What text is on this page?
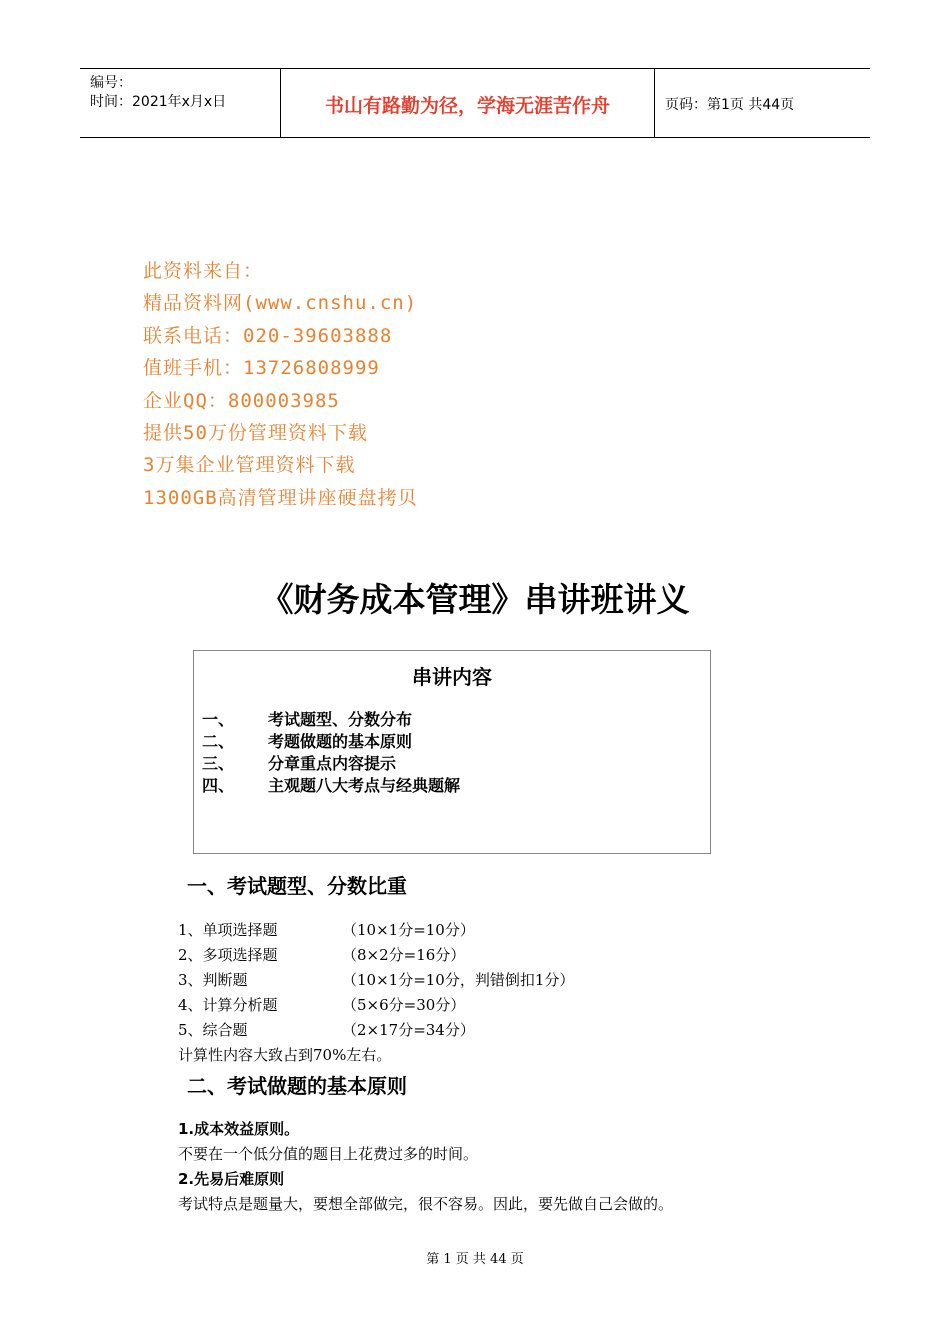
编号：
时间：2021年x月x日	书山有路勤为径，学海无涯苦作舟	页码：第1页 共44页
此资料来自：
精品资料网(www.cnshu.cn)
联系电话：020-39603888
值班手机：13726808999
企业QQ：800003985
提供50万份管理资料下载
3万集企业管理资料下载
1300GB高清管理讲座硬盘拷贝
《财务成本管理》串讲班讲义
串讲内容
一、 考试题型、分数分布
二、 考题做题的基本原则
三、 分章重点内容提示
四、 主观题八大考点与经典题解
一、考试题型、分数比重
1、单项选择题	（10×1分=10分）
2、多项选择题	（8×2分=16分）
3、判断题	（10×1分=10分，判错倒扣1分）
4、计算分析题	（5×6分=30分）
5、综合题	（2×17分=34分）
计算性内容大致占到70%左右。
二、考试做题的基本原则
1.成本效益原则。
不要在一个低分值的题目上花费过多的时间。
2.先易后难原则
考试特点是题量大，要想全部做完，很不容易。因此，要先做自己会做的。
第 1 页 共 44 页
